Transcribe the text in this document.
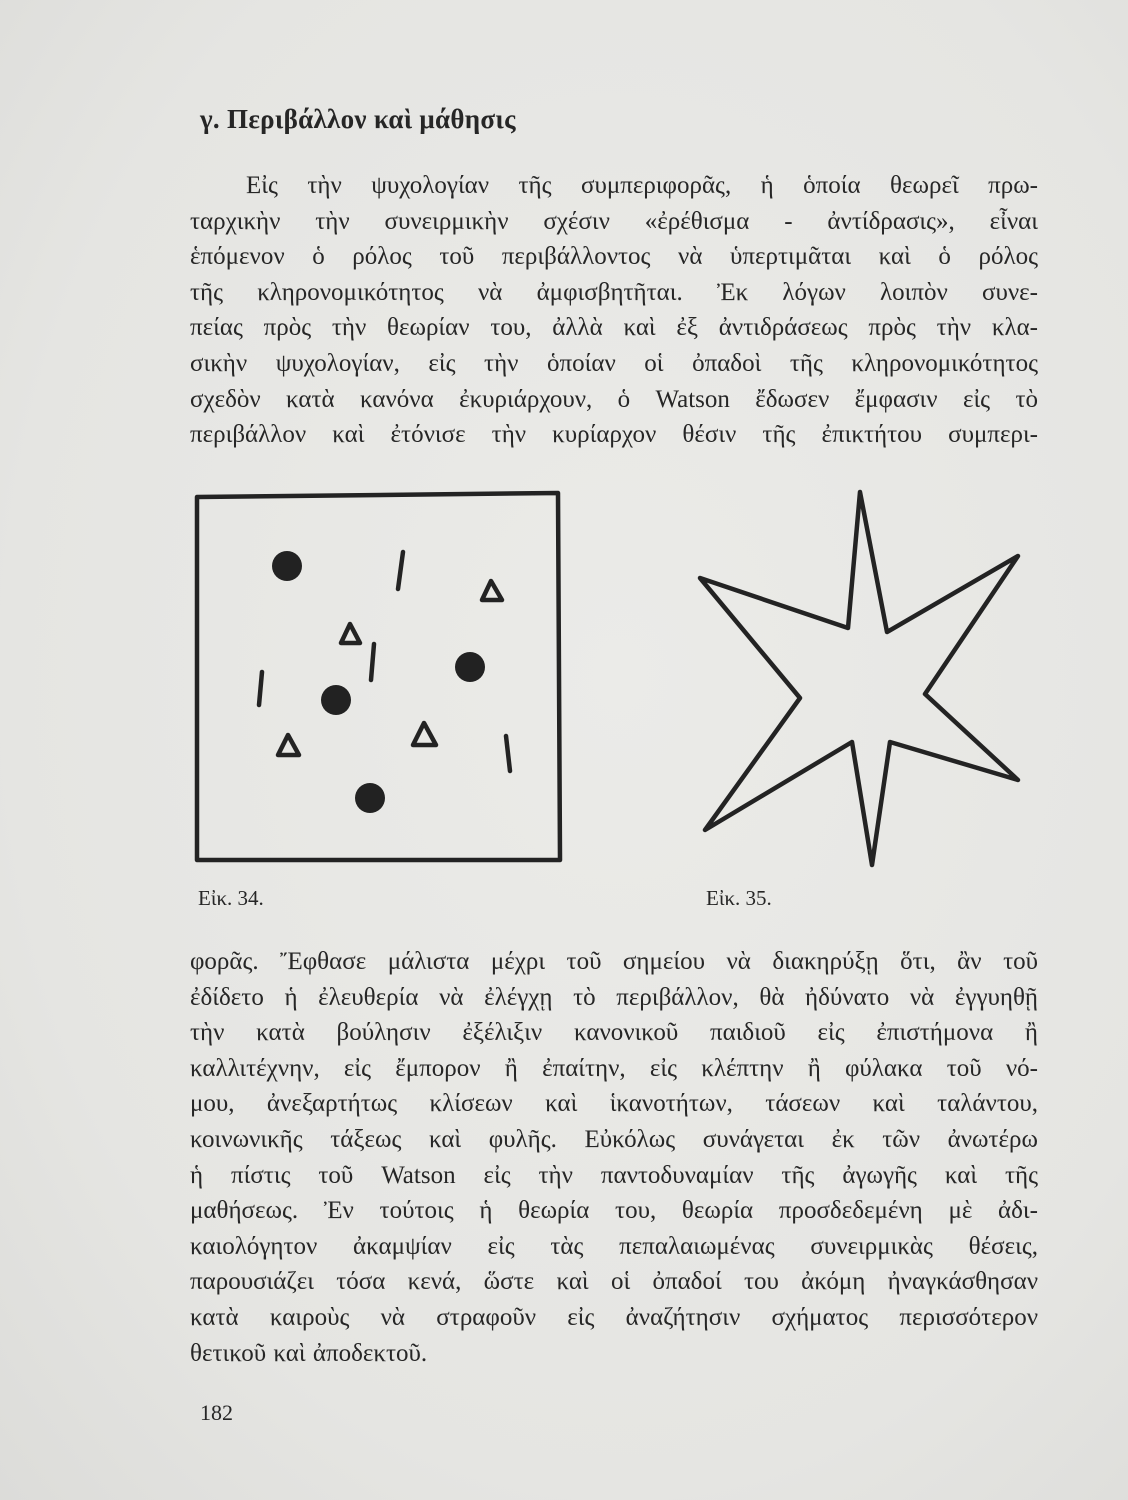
γ. Περιβάλλον καὶ μάθησις
Εἰς τὴν ψυχολογίαν τῆς συμπεριφορᾶς, ἡ ὁποία θεωρεῖ πρω-
ταρχικὴν τὴν συνειρμικὴν σχέσιν «ἐρέθισμα - ἀντίδρασις», εἶναι
ἑπόμενον ὁ ρόλος τοῦ περιβάλλοντος νὰ ὑπερτιμᾶται καὶ ὁ ρόλος
τῆς κληρονομικότητος νὰ ἀμφισβητῆται. Ἐκ λόγων λοιπὸν συνε-
πείας πρὸς τὴν θεωρίαν του, ἀλλὰ καὶ ἐξ ἀντιδράσεως πρὸς τὴν κλα-
σικὴν ψυχολογίαν, εἰς τὴν ὁποίαν οἱ ὀπαδοὶ τῆς κληρονομικότητος
σχεδὸν κατὰ κανόνα ἐκυριάρχουν, ὁ Watson ἔδωσεν ἔμφασιν εἰς τὸ
περιβάλλον καὶ ἐτόνισε τὴν κυρίαρχον θέσιν τῆς ἐπικτήτου συμπερι-
Εἰκ. 34.	Εἰκ. 35.
φορᾶς. Ἔφθασε μάλιστα μέχρι τοῦ σημείου νὰ διακηρύξῃ ὅτι, ἂν τοῦ
ἐδίδετο ἡ ἐλευθερία νὰ ἐλέγχῃ τὸ περιβάλλον, θὰ ἠδύνατο νὰ ἐγγυηθῇ
τὴν κατὰ βούλησιν ἐξέλιξιν κανονικοῦ παιδιοῦ εἰς ἐπιστήμονα ἢ
καλλιτέχνην, εἰς ἔμπορον ἢ ἐπαίτην, εἰς κλέπτην ἢ φύλακα τοῦ νό-
μου, ἀνεξαρτήτως κλίσεων καὶ ἱκανοτήτων, τάσεων καὶ ταλάντου,
κοινωνικῆς τάξεως καὶ φυλῆς. Εὐκόλως συνάγεται ἐκ τῶν ἀνωτέρω
ἡ πίστις τοῦ Watson εἰς τὴν παντοδυναμίαν τῆς ἀγωγῆς καὶ τῆς
μαθήσεως. Ἐν τούτοις ἡ θεωρία του, θεωρία προσδεδεμένη μὲ ἀδι-
καιολόγητον ἀκαμψίαν εἰς τὰς πεπαλαιωμένας συνειρμικὰς θέσεις,
παρουσιάζει τόσα κενά, ὥστε καὶ οἱ ὀπαδοί του ἀκόμη ἠναγκάσθησαν
κατὰ καιροὺς νὰ στραφοῦν εἰς ἀναζήτησιν σχήματος περισσότερον
θετικοῦ καὶ ἀποδεκτοῦ.
182
